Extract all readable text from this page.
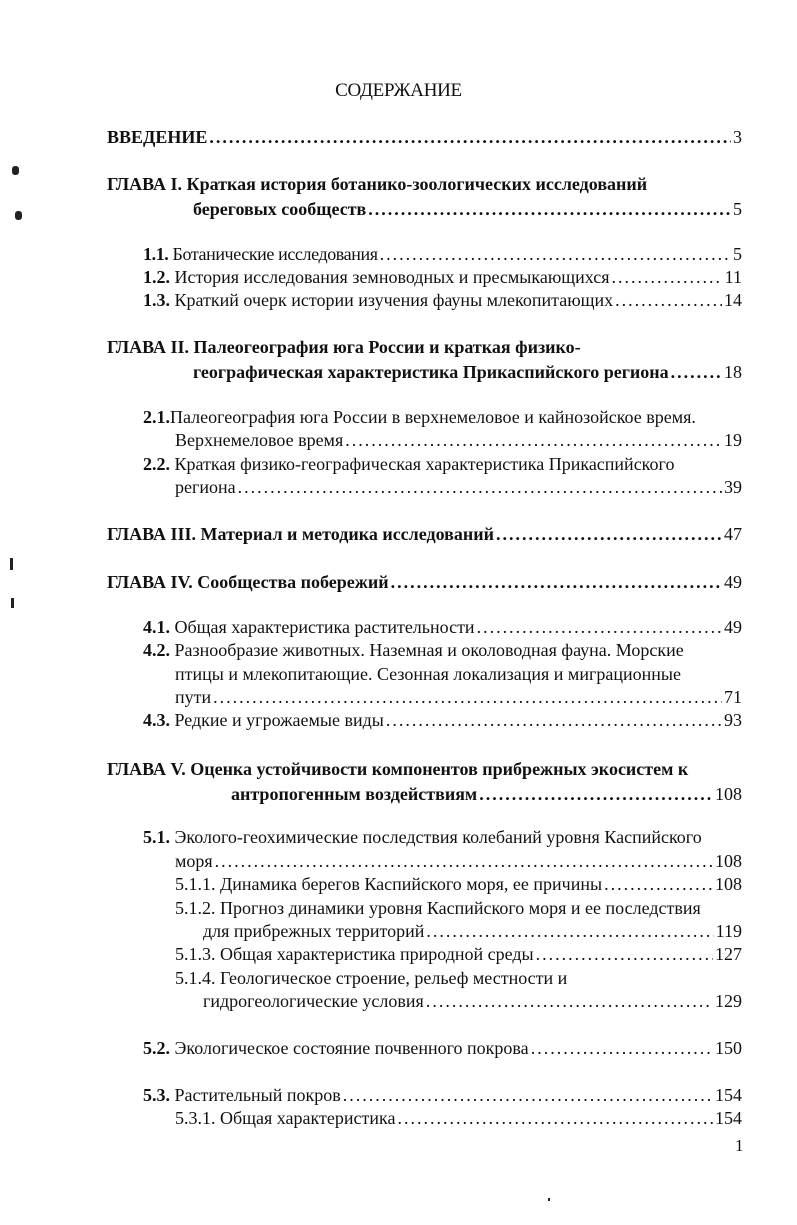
СОДЕРЖАНИЕ
ВВЕДЕНИЕ .....	3
ГЛАВА I. Краткая история ботанико-зоологических исследований
береговых сообществ .....	5
1.1. Ботанические исследования .....	5
1.2. История исследования земноводных и пресмыкающихся .....	11
1.3. Краткий очерк истории изучения фауны млекопитающих .....	14
ГЛАВА II. Палеогеография юга России и краткая физико-
географическая характеристика Прикаспийского региона .....	18
2.1.Палеогеография юга России в верхнемеловое и кайнозойское время.
Верхнемеловое время .....	19
2.2. Краткая физико-географическая характеристика Прикаспийского
региона .....	39
ГЛАВА III. Материал и методика исследований .....	47
ГЛАВА IV. Сообщества побережий .....	49
4.1. Общая характеристика растительности .....	49
4.2. Разнообразие животных. Наземная и околоводная фауна. Морские
птицы и млекопитающие. Сезонная локализация и миграционные
пути .....	71
4.3. Редкие и угрожаемые виды .....	93
ГЛАВА V. Оценка устойчивости компонентов прибрежных экосистем к
антропогенным воздействиям .....	108
5.1. Эколого-геохимические последствия колебаний уровня Каспийского
моря .....	108
5.1.1. Динамика берегов Каспийского моря, ее причины .....	108
5.1.2. Прогноз динамики уровня Каспийского моря и ее последствия
для прибрежных территорий .....	119
5.1.3. Общая характеристика природной среды .....	127
5.1.4. Геологическое строение, рельеф местности и
гидрогеологические условия .....	129
5.2. Экологическое состояние почвенного покрова .....	150
5.3. Растительный покров .....	154
5.3.1. Общая характеристика .....	154
1
